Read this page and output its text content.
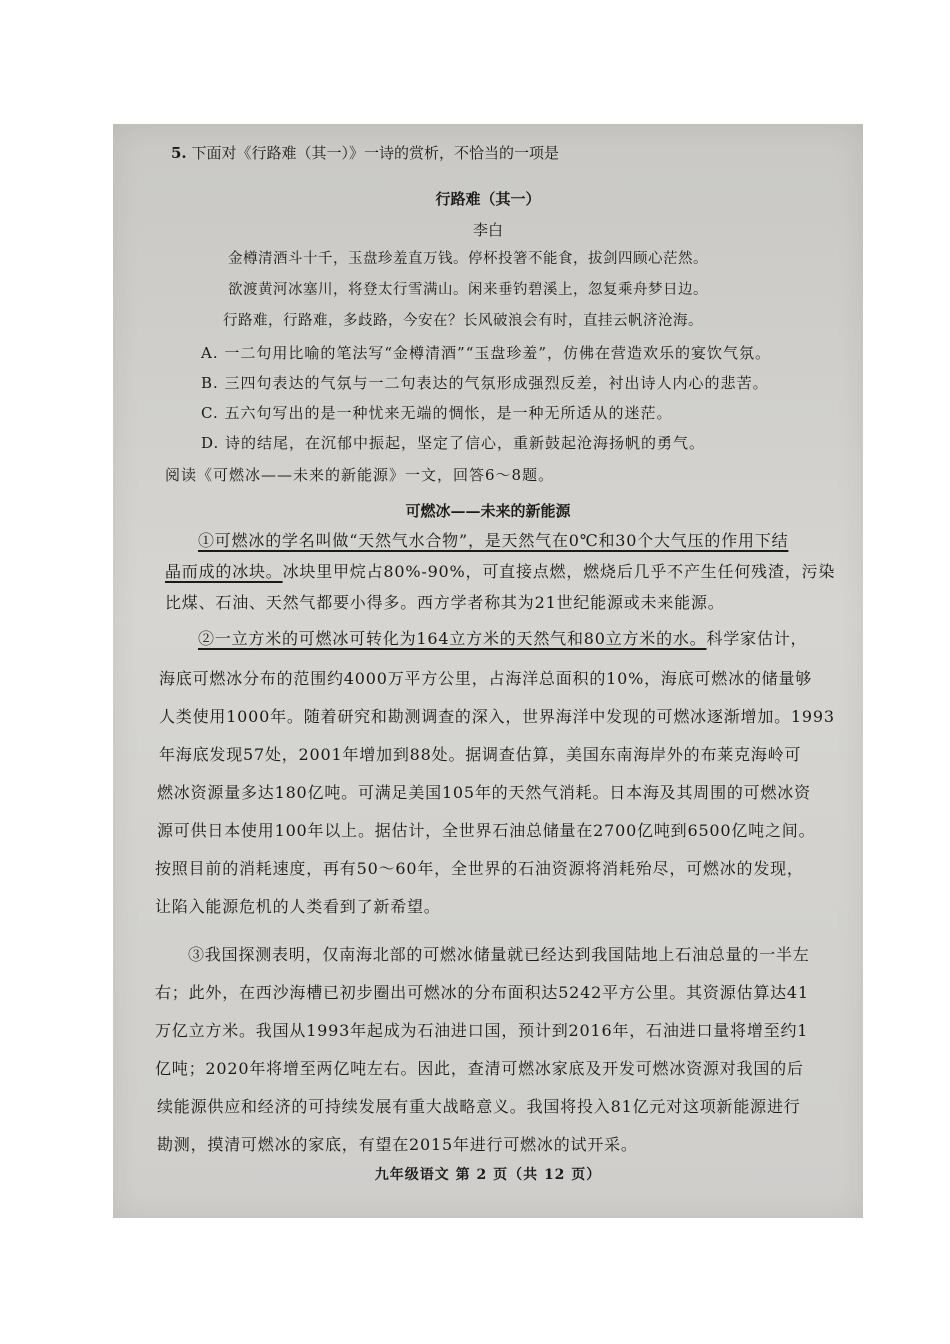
5. 下面对《行路难（其一）》一诗的赏析，不恰当的一项是
行路难（其一）
李白
金樽清酒斗十千，玉盘珍羞直万钱。停杯投箸不能食，拔剑四顾心茫然。
欲渡黄河冰塞川，将登太行雪满山。闲来垂钓碧溪上，忽复乘舟梦日边。
行路难，行路难，多歧路，今安在？长风破浪会有时，直挂云帆济沧海。
A. 一二句用比喻的笔法写“金樽清酒”“玉盘珍羞”，仿佛在营造欢乐的宴饮气氛。
B. 三四句表达的气氛与一二句表达的气氛形成强烈反差，衬出诗人内心的悲苦。
C. 五六句写出的是一种忧来无端的惆怅，是一种无所适从的迷茫。
D. 诗的结尾，在沉郁中振起，坚定了信心，重新鼓起沧海扬帆的勇气。
阅读《可燃冰——未来的新能源》一文，回答6～8题。
可燃冰——未来的新能源
①可燃冰的学名叫做“天然气水合物”，是天然气在0℃和30个大气压的作用下结
晶而成的冰块。冰块里甲烷占80%-90%，可直接点燃，燃烧后几乎不产生任何残渣，污染
比煤、石油、天然气都要小得多。西方学者称其为21世纪能源或未来能源。
②一立方米的可燃冰可转化为164立方米的天然气和80立方米的水。科学家估计，
海底可燃冰分布的范围约4000万平方公里，占海洋总面积的10%，海底可燃冰的储量够
人类使用1000年。随着研究和勘测调查的深入，世界海洋中发现的可燃冰逐渐增加。1993
年海底发现57处，2001年增加到88处。据调查估算，美国东南海岸外的布莱克海岭可
燃冰资源量多达180亿吨。可满足美国105年的天然气消耗。日本海及其周围的可燃冰资
源可供日本使用100年以上。据估计，全世界石油总储量在2700亿吨到6500亿吨之间。
按照目前的消耗速度，再有50～60年，全世界的石油资源将消耗殆尽，可燃冰的发现，
让陷入能源危机的人类看到了新希望。
③我国探测表明，仅南海北部的可燃冰储量就已经达到我国陆地上石油总量的一半左
右；此外，在西沙海槽已初步圈出可燃冰的分布面积达5242平方公里。其资源估算达41
万亿立方米。我国从1993年起成为石油进口国，预计到2016年，石油进口量将增至约1
亿吨；2020年将增至两亿吨左右。因此，查清可燃冰家底及开发可燃冰资源对我国的后
续能源供应和经济的可持续发展有重大战略意义。我国将投入81亿元对这项新能源进行
勘测，摸清可燃冰的家底，有望在2015年进行可燃冰的试开采。
九年级语文 第 2 页（共 12 页）
